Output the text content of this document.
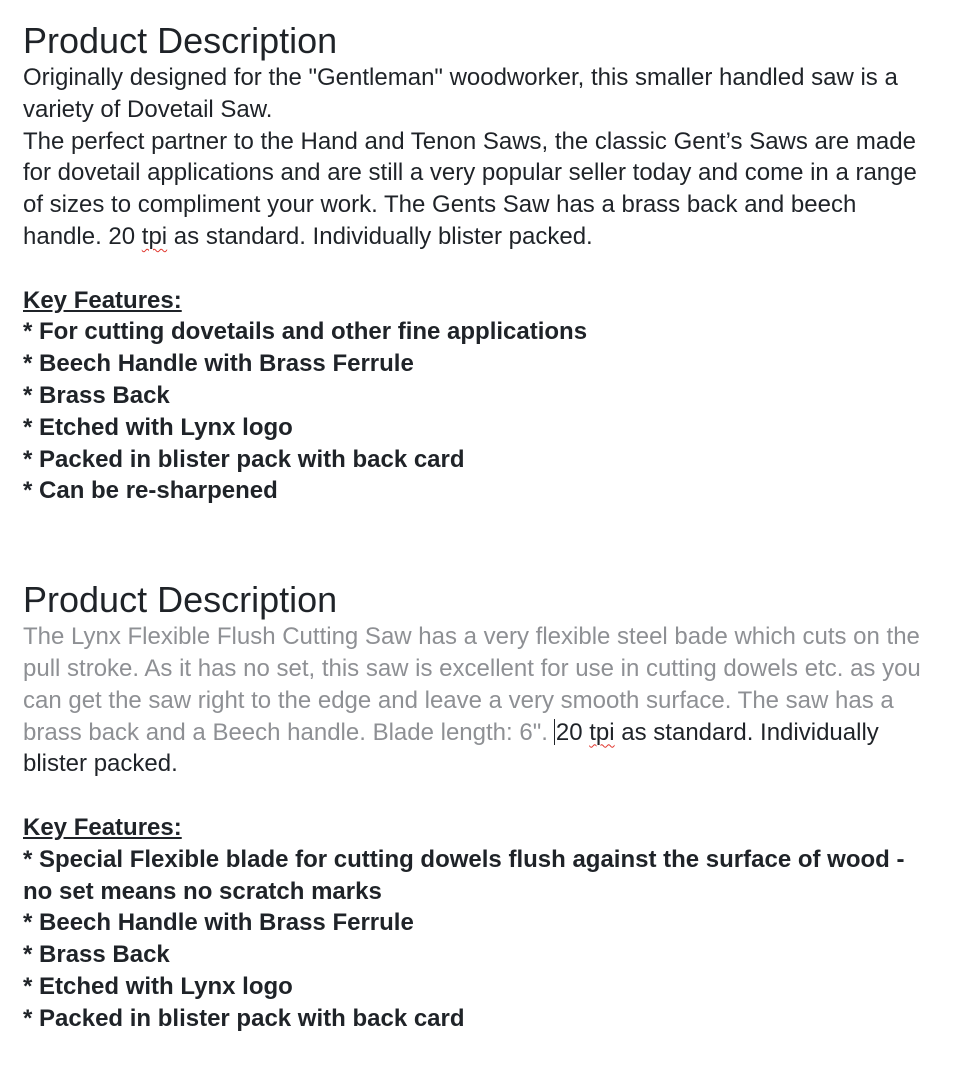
Product Description

Originally designed for the "Gentleman" woodworker, this smaller handled saw is a variety of Dovetail Saw.

The perfect partner to the Hand and Tenon Saws, the classic Gent’s Saws are made for dovetail applications and are still a very popular seller today and come in a range of sizes to compliment your work. The Gents Saw has a brass back and beech handle. 20 tpi as standard. Individually blister packed.

Key Features:

* For cutting dovetails and other fine applications
* Beech Handle with Brass Ferrule
* Brass Back
* Etched with Lynx logo
* Packed in blister pack with back card
* Can be re-sharpened
Product Description

The Lynx Flexible Flush Cutting Saw has a very flexible steel bade which cuts on the pull stroke. As it has no set, this saw is excellent for use in cutting dowels etc. as you can get the saw right to the edge and leave a very smooth surface. The saw has a brass back and a Beech handle. Blade length: 6". 20 tpi as standard. Individually blister packed.

Key Features:

* Special Flexible blade for cutting dowels flush against the surface of wood - no set means no scratch marks
* Beech Handle with Brass Ferrule
* Brass Back
* Etched with Lynx logo
* Packed in blister pack with back card
